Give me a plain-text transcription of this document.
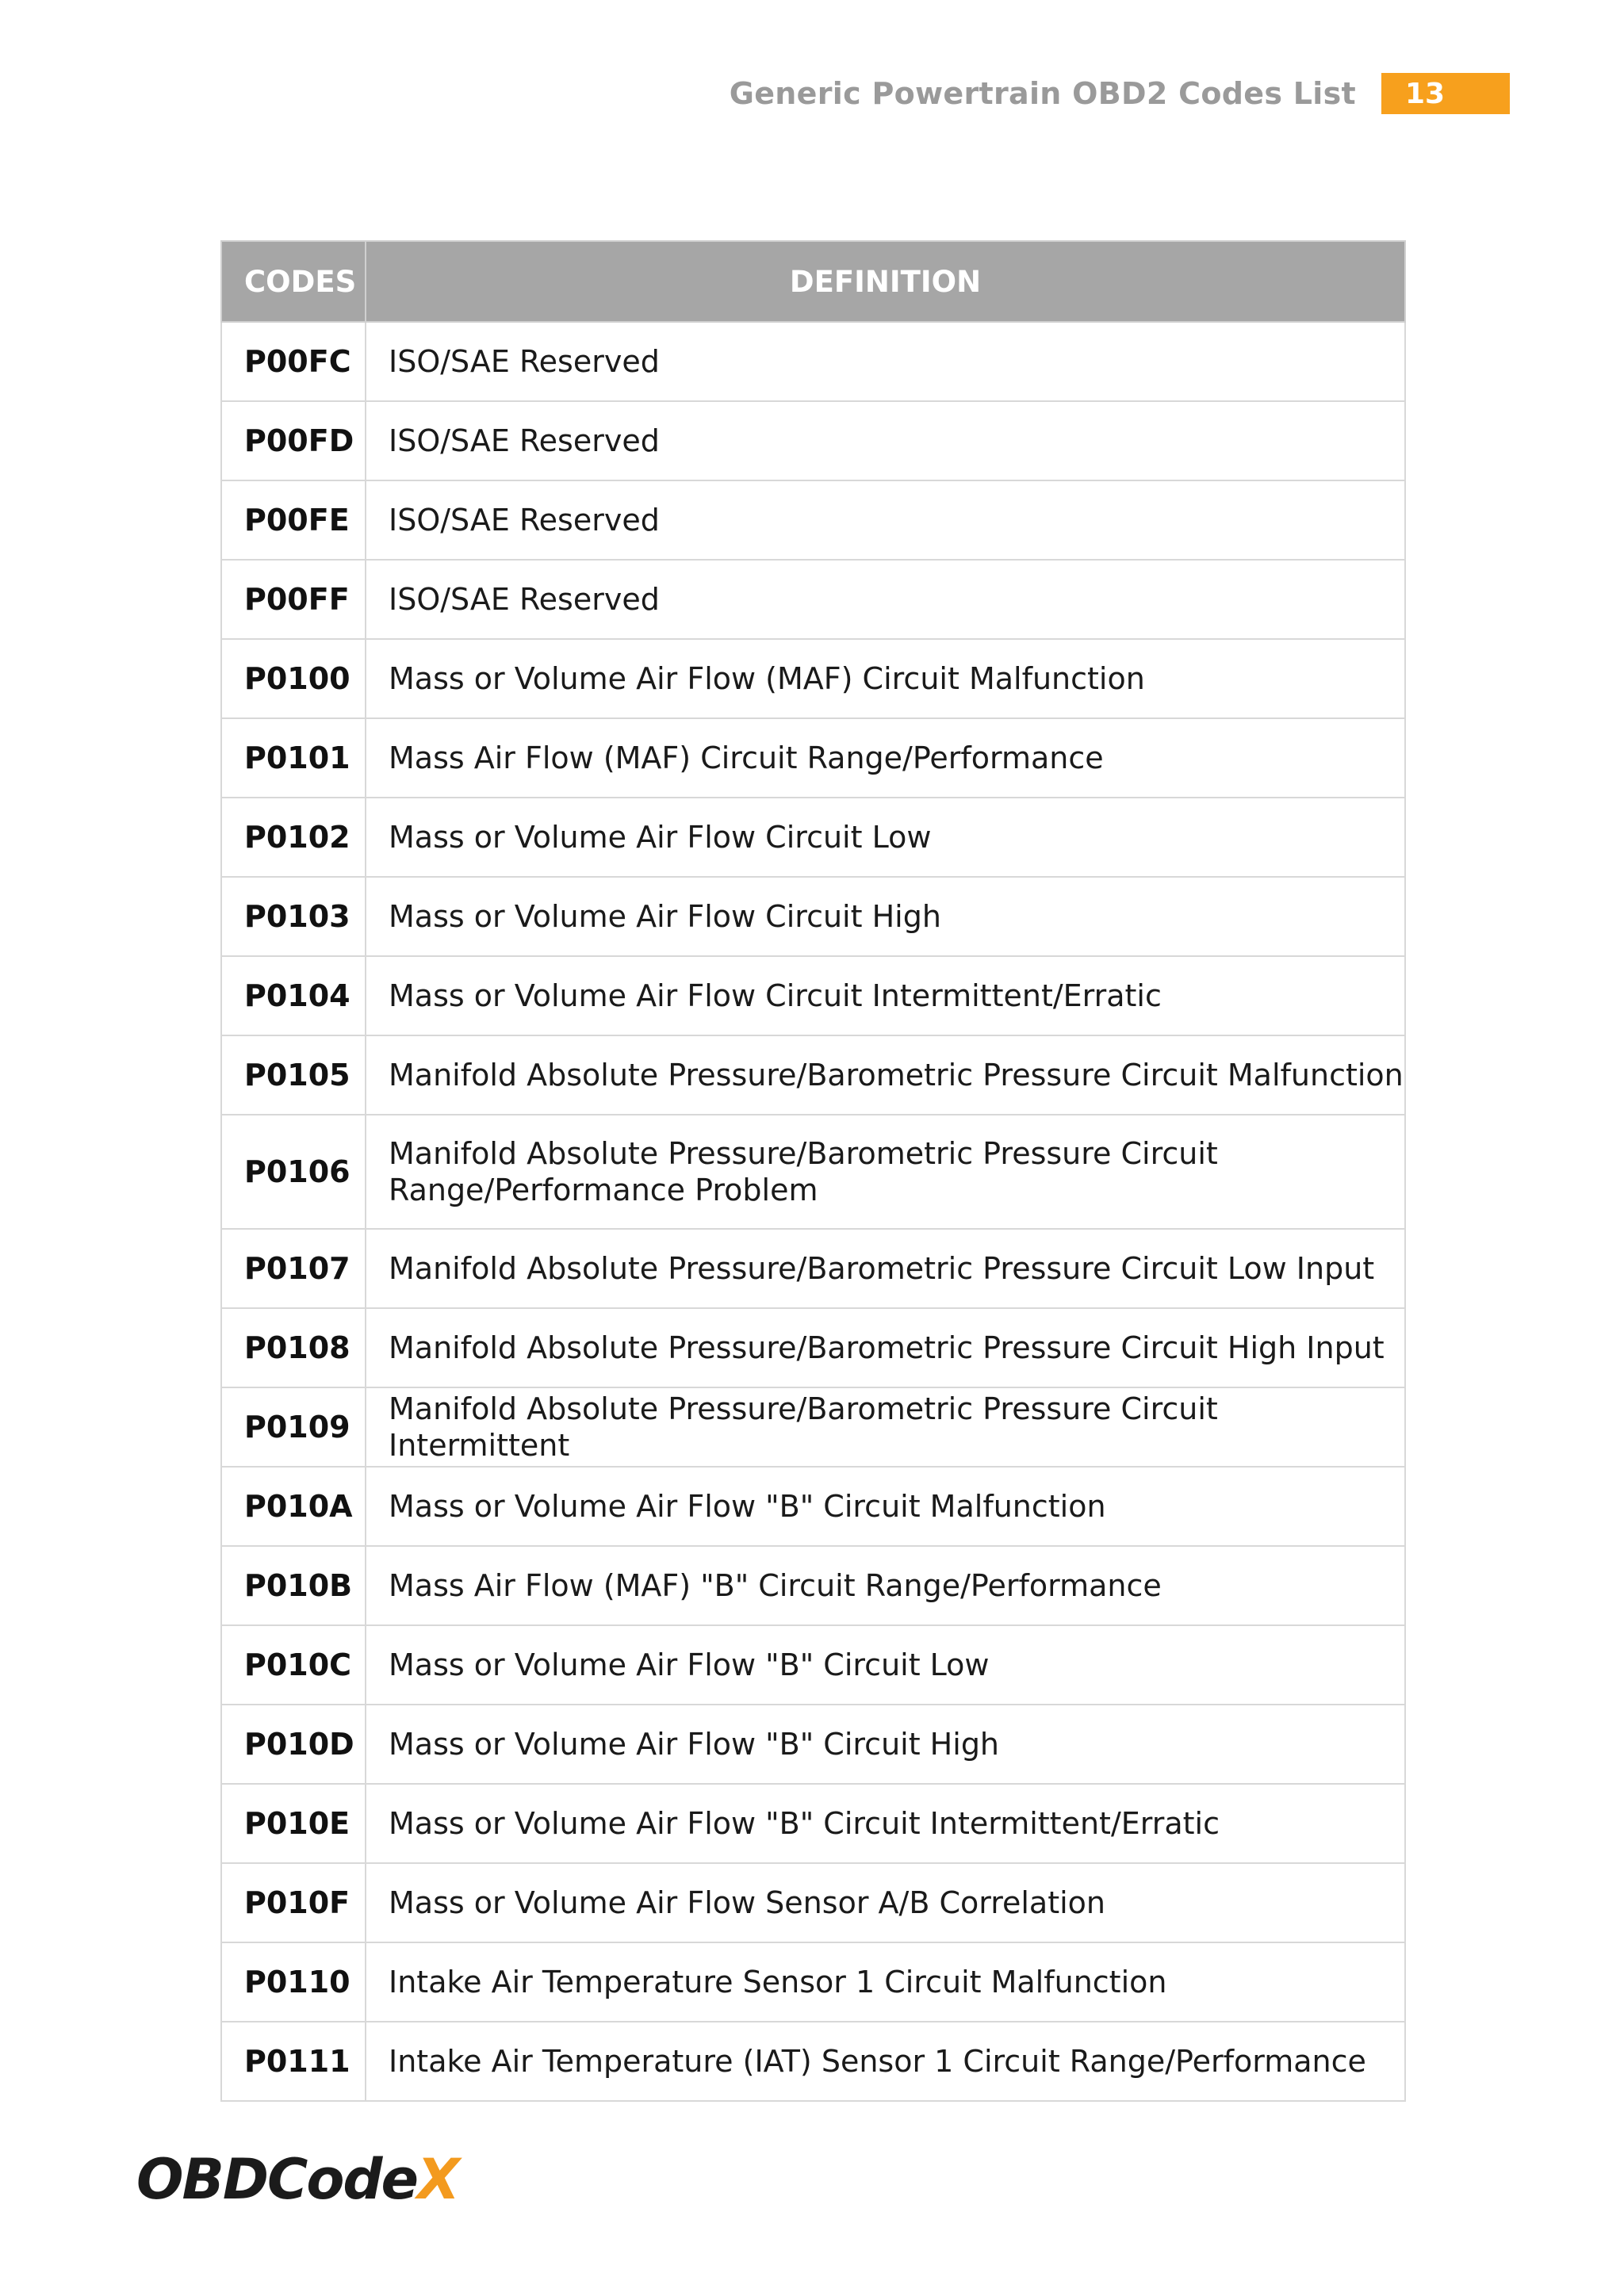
Generic Powertrain OBD2 Codes List	13
CODES	DEFINITION
P00FC	ISO/SAE Reserved
P00FD	ISO/SAE Reserved
P00FE	ISO/SAE Reserved
P00FF	ISO/SAE Reserved
P0100	Mass or Volume Air Flow (MAF) Circuit Malfunction
P0101	Mass Air Flow (MAF) Circuit Range/Performance
P0102	Mass or Volume Air Flow Circuit Low
P0103	Mass or Volume Air Flow Circuit High
P0104	Mass or Volume Air Flow Circuit Intermittent/Erratic
P0105	Manifold Absolute Pressure/Barometric Pressure Circuit Malfunction
P0106	Manifold Absolute Pressure/Barometric Pressure Circuit Range/Performance Problem
P0107	Manifold Absolute Pressure/Barometric Pressure Circuit Low Input
P0108	Manifold Absolute Pressure/Barometric Pressure Circuit High Input
P0109	Manifold Absolute Pressure/Barometric Pressure Circuit Intermittent
P010A	Mass or Volume Air Flow "B" Circuit Malfunction
P010B	Mass Air Flow (MAF) "B" Circuit Range/Performance
P010C	Mass or Volume Air Flow "B" Circuit Low
P010D	Mass or Volume Air Flow "B" Circuit High
P010E	Mass or Volume Air Flow "B" Circuit Intermittent/Erratic
P010F	Mass or Volume Air Flow Sensor A/B Correlation
P0110	Intake Air Temperature Sensor 1 Circuit Malfunction
P0111	Intake Air Temperature (IAT) Sensor 1 Circuit Range/Performance
OBDCode X
